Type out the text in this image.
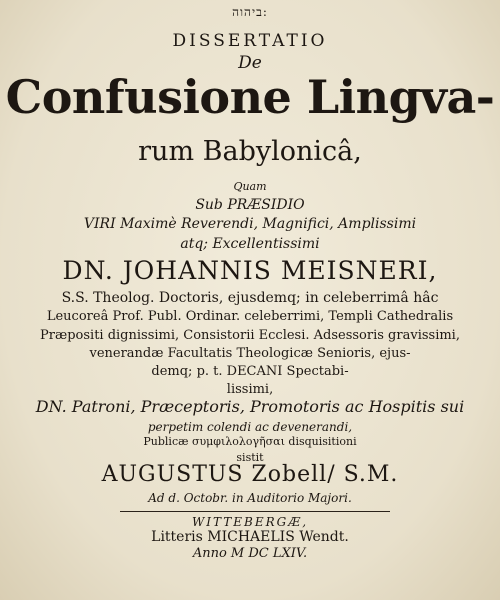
ביהוה:
DISSERTATIO
De
Confusione Lingva-
rum Babylonicâ,
Quam
Sub PRÆSIDIO
VIRI Maximè Reverendi, Magnifici, Amplissimi
atq; Excellentissimi
DN. JOHANNIS MEISNERI,
S.S. Theolog. Doctoris, ejusdemq; in celeberrimâ hâc
Leucoreâ Prof. Publ. Ordinar. celeberrimi, Templi Cathedralis
Præpositi dignissimi, Consistorii Ecclesi. Adsessoris gravissimi,
venerandæ Facultatis Theologicæ Senioris, ejus-
demq; p. t. DECANI Spectabi-
lissimi,
DN. Patroni, Præceptoris, Promotoris ac Hospitis sui
perpetim colendi ac devenerandi,
Publicæ συμφιλολογῆσαι disquisitioni
sistit
AUGUSTUS Zobell/ S.M.
Ad d. Octobr. in Auditorio Majori.
WITTEBERGÆ,
Litteris MICHAELIS Wendt.
Anno M DC LXIV.
